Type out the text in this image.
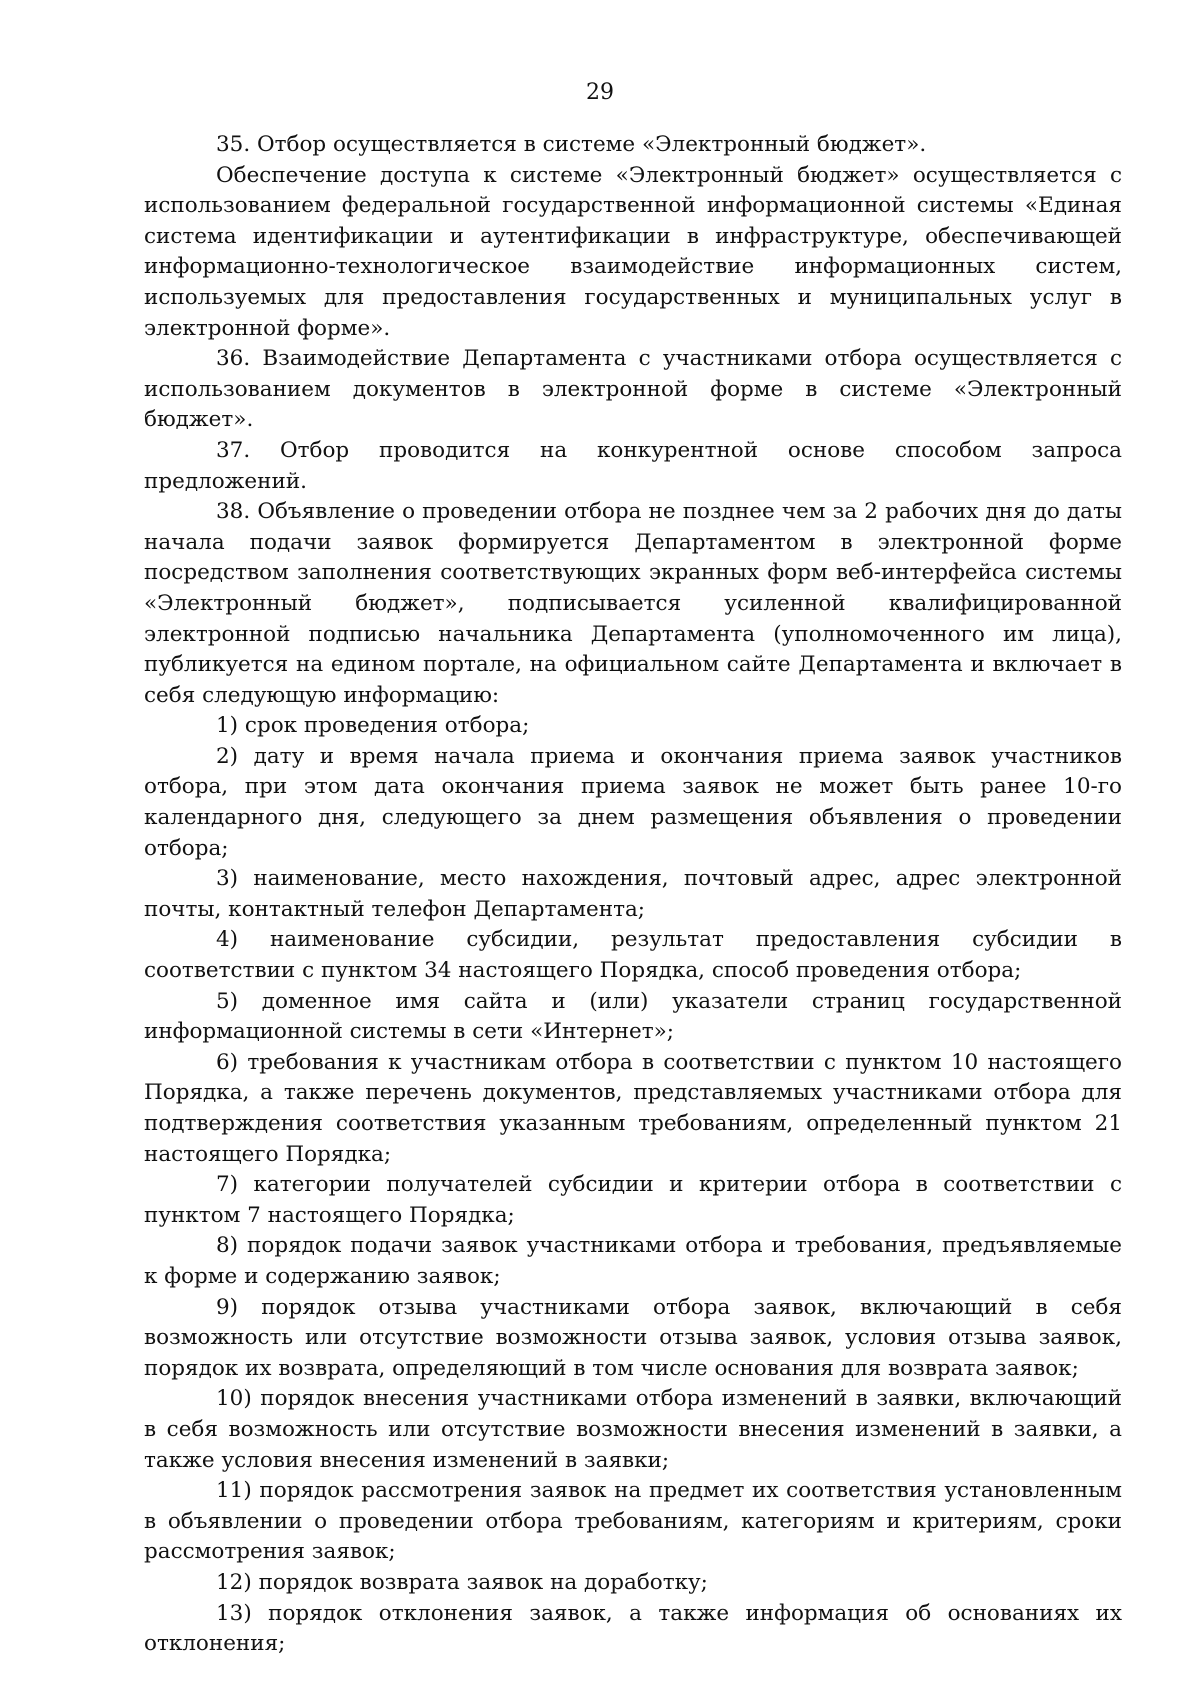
29

35. Отбор осуществляется в системе «Электронный бюджет».

Обеспечение доступа к системе «Электронный бюджет» осуществляется с использованием федеральной государственной информационной системы «Единая система идентификации и аутентификации в инфраструктуре, обеспечивающей информационно-технологическое взаимодействие информационных систем, используемых для предоставления государственных и муниципальных услуг в электронной форме».

36. Взаимодействие Департамента с участниками отбора осуществляется с использованием документов в электронной форме в системе «Электронный бюджет».

37. Отбор проводится на конкурентной основе способом запроса предложений.

38. Объявление о проведении отбора не позднее чем за 2 рабочих дня до даты начала подачи заявок формируется Департаментом в электронной форме посредством заполнения соответствующих экранных форм веб-интерфейса системы «Электронный бюджет», подписывается усиленной квалифицированной электронной подписью начальника Департамента (уполномоченного им лица), публикуется на едином портале, на официальном сайте Департамента и включает в себя следующую информацию:

1) срок проведения отбора;

2) дату и время начала приема и окончания приема заявок участников отбора, при этом дата окончания приема заявок не может быть ранее 10-го календарного дня, следующего за днем размещения объявления о проведении отбора;

3) наименование, место нахождения, почтовый адрес, адрес электронной почты, контактный телефон Департамента;

4) наименование субсидии, результат предоставления субсидии в соответствии с пунктом 34 настоящего Порядка, способ проведения отбора;

5) доменное имя сайта и (или) указатели страниц государственной информационной системы в сети «Интернет»;

6) требования к участникам отбора в соответствии с пунктом 10 настоящего Порядка, а также перечень документов, представляемых участниками отбора для подтверждения соответствия указанным требованиям, определенный пунктом 21 настоящего Порядка;

7) категории получателей субсидии и критерии отбора в соответствии с пунктом 7 настоящего Порядка;

8) порядок подачи заявок участниками отбора и требования, предъявляемые к форме и содержанию заявок;

9) порядок отзыва участниками отбора заявок, включающий в себя возможность или отсутствие возможности отзыва заявок, условия отзыва заявок, порядок их возврата, определяющий в том числе основания для возврата заявок;

10) порядок внесения участниками отбора изменений в заявки, включающий в себя возможность или отсутствие возможности внесения изменений в заявки, а также условия внесения изменений в заявки;

11) порядок рассмотрения заявок на предмет их соответствия установленным в объявлении о проведении отбора требованиям, категориям и критериям, сроки рассмотрения заявок;

12) порядок возврата заявок на доработку;

13) порядок отклонения заявок, а также информация об основаниях их отклонения;
